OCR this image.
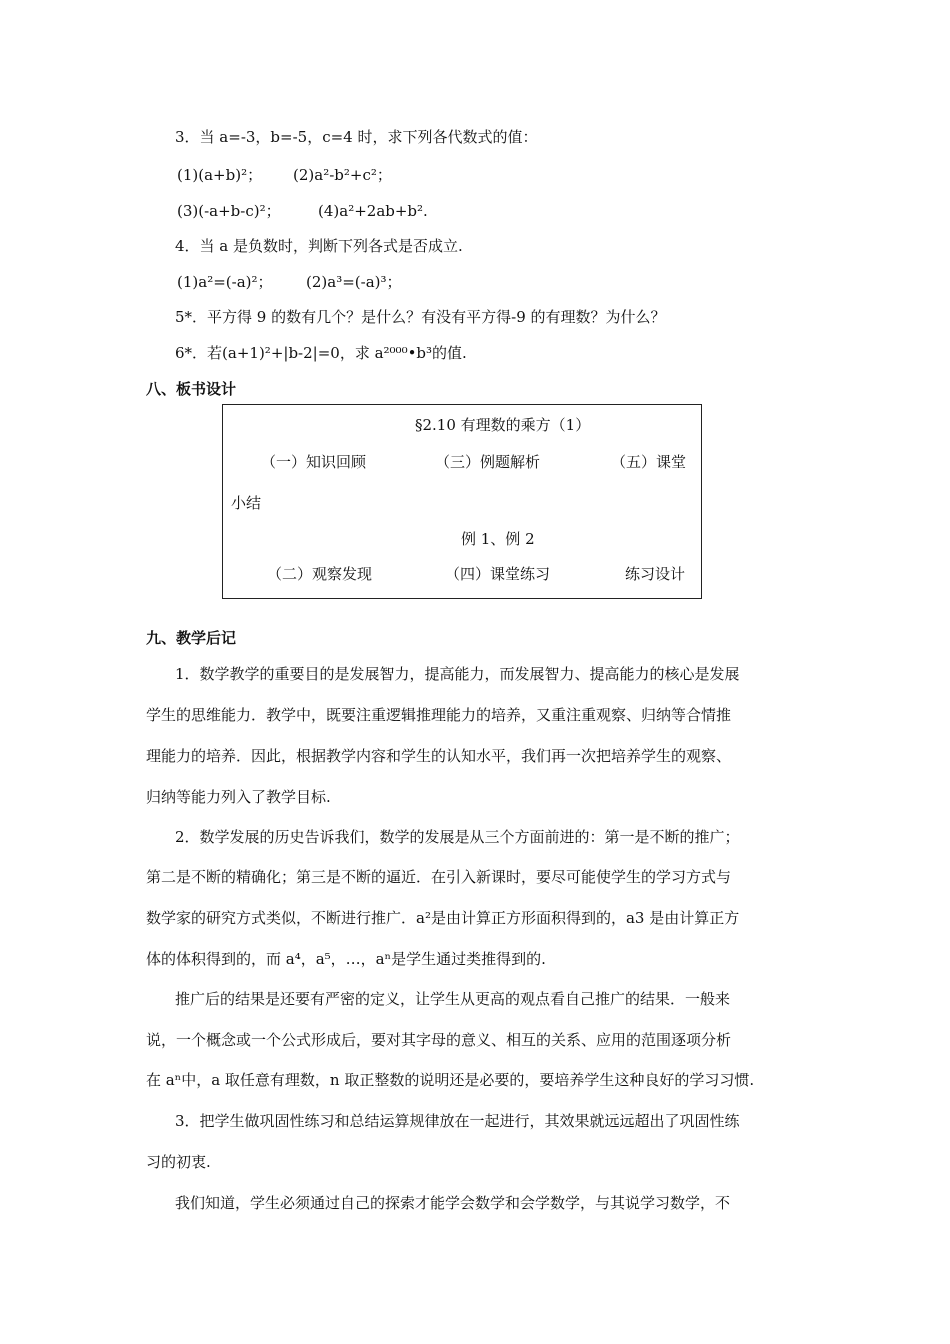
3．当 a=-3，b=-5，c=4 时，求下列各代数式的值：
(1)(a+b)²； (2)a²-b²+c²；
(3)(-a+b-c)²； (4)a²+2ab+b².
4．当 a 是负数时，判断下列各式是否成立.
(1)a²=(-a)²； (2)a³=(-a)³；
5*．平方得 9 的数有几个？是什么？有没有平方得-9 的有理数？为什么？
6*．若(a+1)²+|b-2|=0，求 a²⁰⁰⁰•b³的值.
八、板书设计
§2.10 有理数的乘方（1）
（一）知识回顾	（三）例题解析	（五）课堂
小结
例 1、例 2
（二）观察发现	（四）课堂练习	练习设计
九、教学后记
1．数学教学的重要目的是发展智力，提高能力，而发展智力、提高能力的核心是发展
学生的思维能力．教学中，既要注重逻辑推理能力的培养，又重注重观察、归纳等合情推
理能力的培养．因此，根据教学内容和学生的认知水平，我们再一次把培养学生的观察、
归纳等能力列入了教学目标.
2．数学发展的历史告诉我们，数学的发展是从三个方面前进的：第一是不断的推广；
第二是不断的精确化；第三是不断的逼近．在引入新课时，要尽可能使学生的学习方式与
数学家的研究方式类似，不断进行推广．a²是由计算正方形面积得到的，a3 是由计算正方
体的体积得到的，而 a⁴，a⁵，…，aⁿ是学生通过类推得到的.
推广后的结果是还要有严密的定义，让学生从更高的观点看自己推广的结果．一般来
说，一个概念或一个公式形成后，要对其字母的意义、相互的关系、应用的范围逐项分析
在 aⁿ中，a 取任意有理数，n 取正整数的说明还是必要的，要培养学生这种良好的学习习惯.
3．把学生做巩固性练习和总结运算规律放在一起进行，其效果就远远超出了巩固性练
习的初衷.
我们知道，学生必须通过自己的探索才能学会数学和会学数学，与其说学习数学，不
